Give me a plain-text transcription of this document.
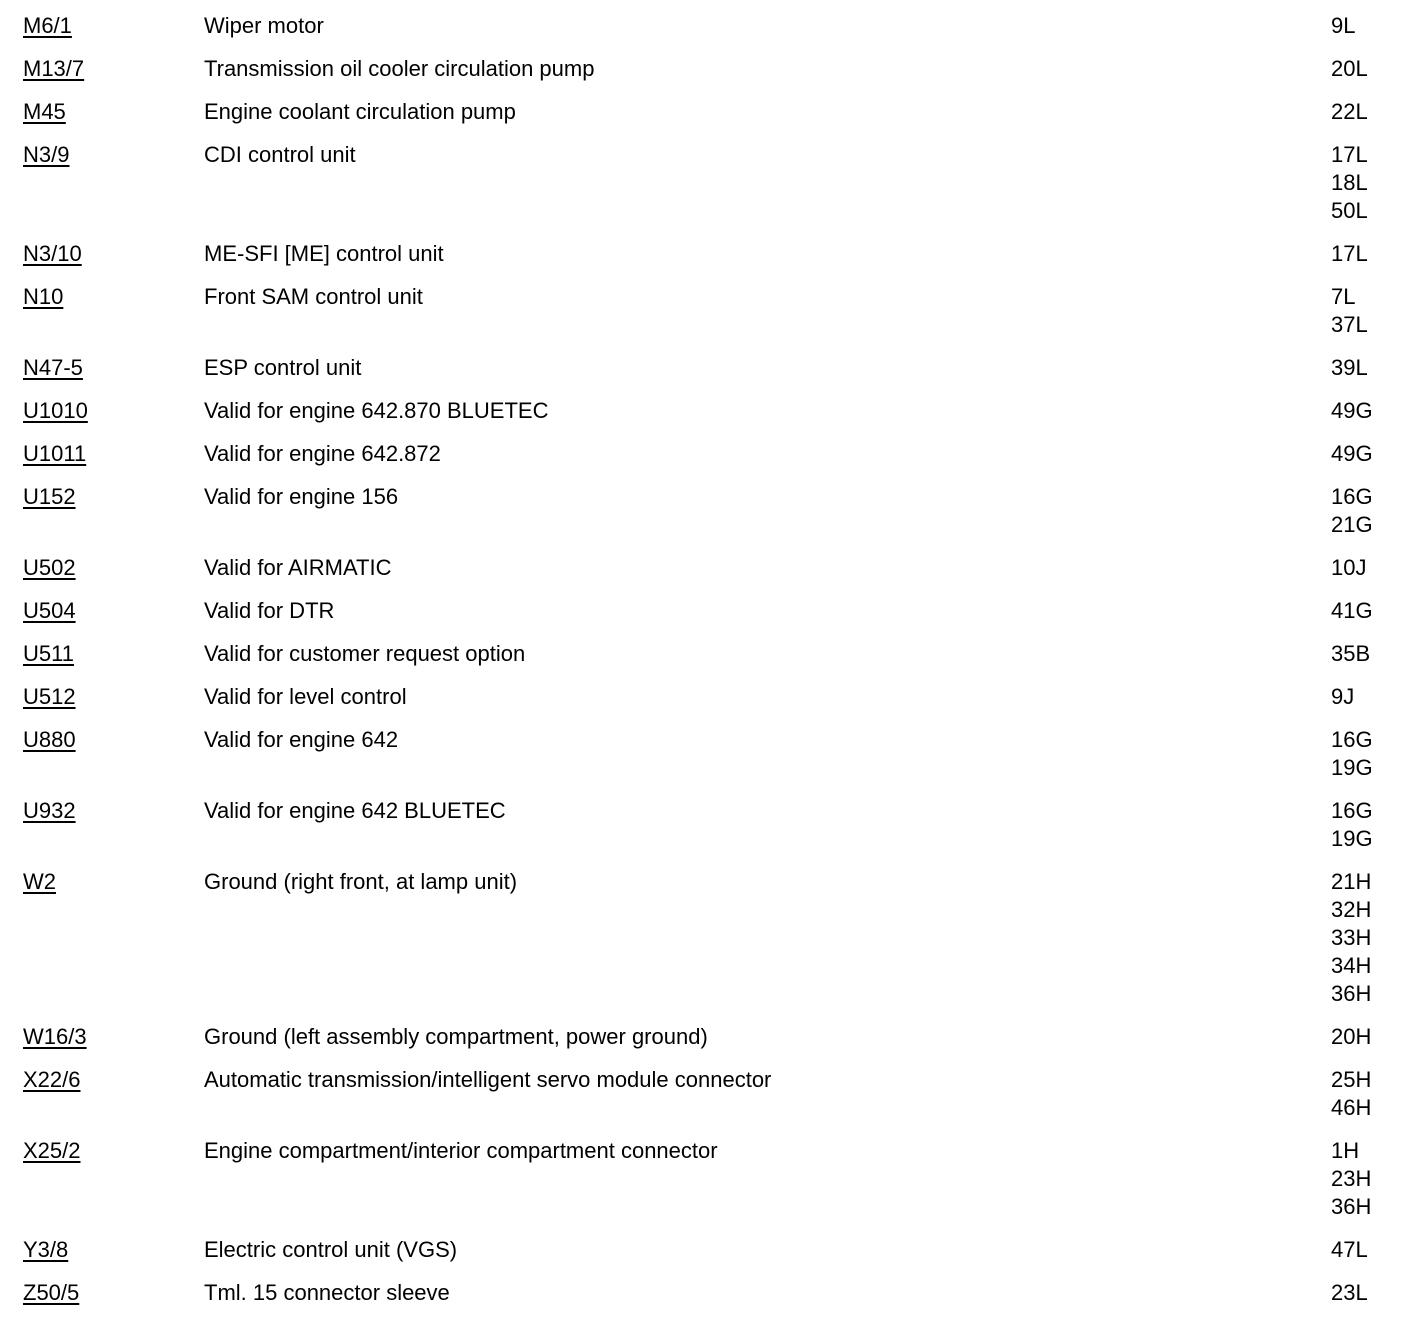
M6/1	Wiper motor	9L
M13/7	Transmission oil cooler circulation pump	20L
M45	Engine coolant circulation pump	22L
N3/9	CDI control unit	17L
18L
50L
N3/10	ME-SFI [ME] control unit	17L
N10	Front SAM control unit	7L
37L
N47-5	ESP control unit	39L
U1010	Valid for engine 642.870 BLUETEC	49G
U1011	Valid for engine 642.872	49G
U152	Valid for engine 156	16G
21G
U502	Valid for AIRMATIC	10J
U504	Valid for DTR	41G
U511	Valid for customer request option	35B
U512	Valid for level control	9J
U880	Valid for engine 642	16G
19G
U932	Valid for engine 642 BLUETEC	16G
19G
W2	Ground (right front, at lamp unit)	21H
32H
33H
34H
36H
W16/3	Ground (left assembly compartment, power ground)	20H
X22/6	Automatic transmission/intelligent servo module connector	25H
46H
X25/2	Engine compartment/interior compartment connector	1H
23H
36H
Y3/8	Electric control unit (VGS)	47L
Z50/5	Tml. 15 connector sleeve	23L
